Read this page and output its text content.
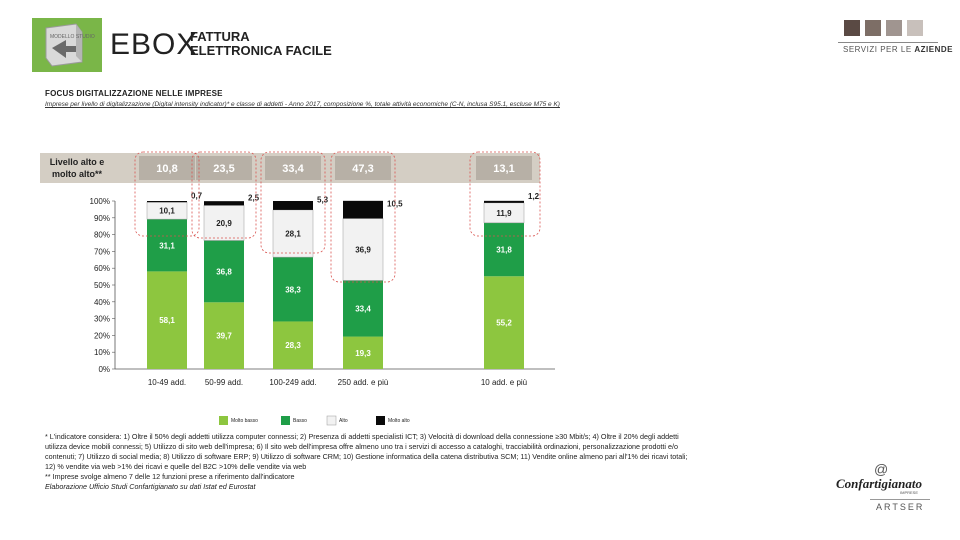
MODELLO STUDIO EBOX
FATTURA
ELETTRONICA FACILE	SERVIZI PER LE AZIENDE
FOCUS DIGITALIZZAZIONE NELLE IMPRESE
Imprese per livello di digitalizzazione (Digital intensity indicator)* e classe di addetti - Anno 2017, composizione %, totale attività economiche (C-N, inclusa S95.1, escluse M75 e K)
0%
10%
20%
30%
40%
50%
60%
70%
80%
90%
100%
10-49 add. 50-99 add.	100-249 add.	250 add. e più	10 add. e più
58,1
39,7
28,3
19,3
55,2
31,1
36,8
38,3
33,4
31,8
10,1
20,9
28,1
36,9
11,9
0,7	2,5	5,3	10,5
1,2
Livello alto e molto alto**	10,8	23,5	33,4	47,3	13,1
Molto basso	Basso	Alto	Molto alto
* L'indicatore considera: 1) Oltre il 50% degli addetti utilizza computer connessi; 2) Presenza di addetti specialisti ICT; 3) Velocità di download della connessione ≥30 Mbit/s; 4) Oltre il 20% degli addetti
utilizza device mobili connessi; 5) Utilizzo di sito web dell'impresa; 6) Il sito web dell'impresa offre almeno uno tra i servizi di accesso a cataloghi, tracciabilità ordinazioni, personalizzazione prodotti e/o
contenuti; 7) Utilizzo di social media; 8) Utilizzo di software ERP; 9) Utilizzo di software CRM; 10) Gestione informatica della catena distributiva SCM; 11) Vendite online almeno pari all'1% dei ricavi totali;
12) % vendite via web >1% dei ricavi e quelle del B2C >10% delle vendite via web
** Imprese svolge almeno 7 delle 12 funzioni prese a riferimento dall'indicatore
Elaborazione Ufficio Studi Confartigianato su dati Istat ed Eurostat
@
Confartigianato
IMPRESE
ARTSER
